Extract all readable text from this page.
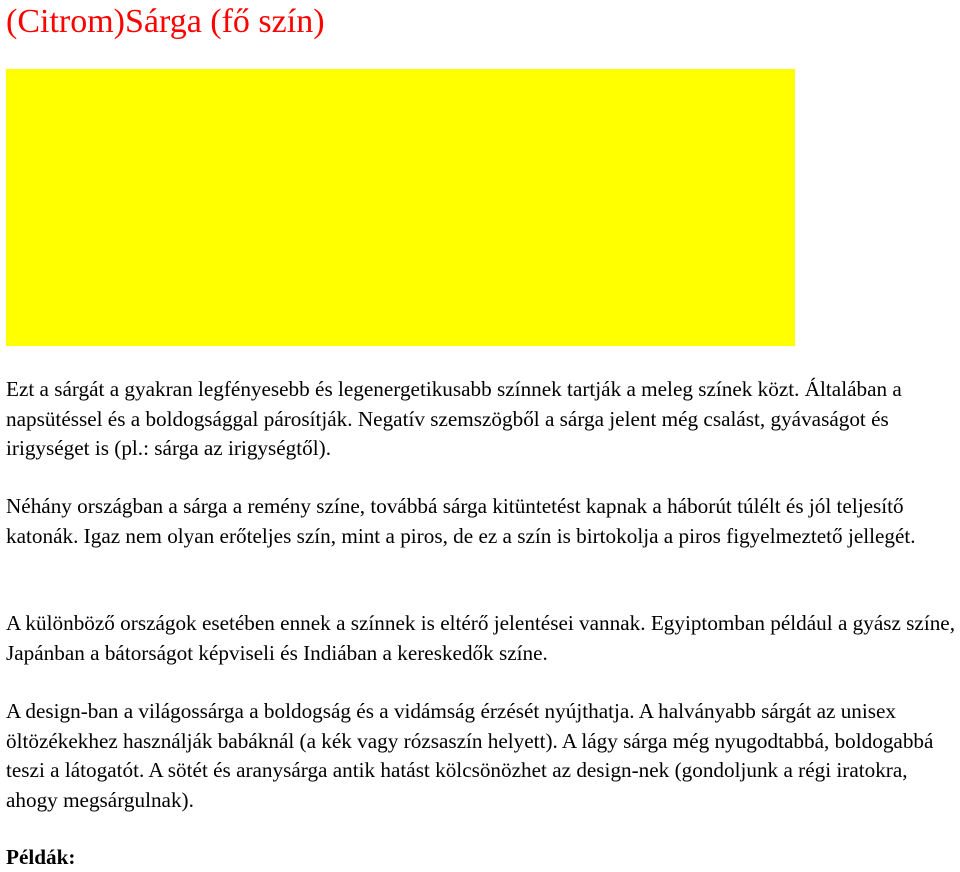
(Citrom)Sárga (fő szín)

Ezt a sárgát a gyakran legfényesebb és legenergetikusabb színnek tartják a meleg színek közt. Általában a napsütéssel és a boldogsággal párosítják. Negatív szemszögből a sárga jelent még csalást, gyávaságot és irigységet is (pl.: sárga az irigységtől).

Néhány országban a sárga a remény színe, továbbá sárga kitüntetést kapnak a háborút túlélt és jól teljesítő katonák. Igaz nem olyan erőteljes szín, mint a piros, de ez a szín is birtokolja a piros figyelmeztető jellegét.

A különböző országok esetében ennek a színnek is eltérő jelentései vannak. Egyiptomban például a gyász színe, Japánban a bátorságot képviseli és Indiában a kereskedők színe.

A design-ban a világossárga a boldogság és a vidámság érzését nyújthatja. A halványabb sárgát az unisex öltözékekhez használják babáknál (a kék vagy rózsaszín helyett). A lágy sárga még nyugodtabbá, boldogabbá teszi a látogatót. A sötét és aranysárga antik hatást kölcsönözhet az design-nek (gondoljunk a régi iratokra, ahogy megsárgulnak).

Példák:
